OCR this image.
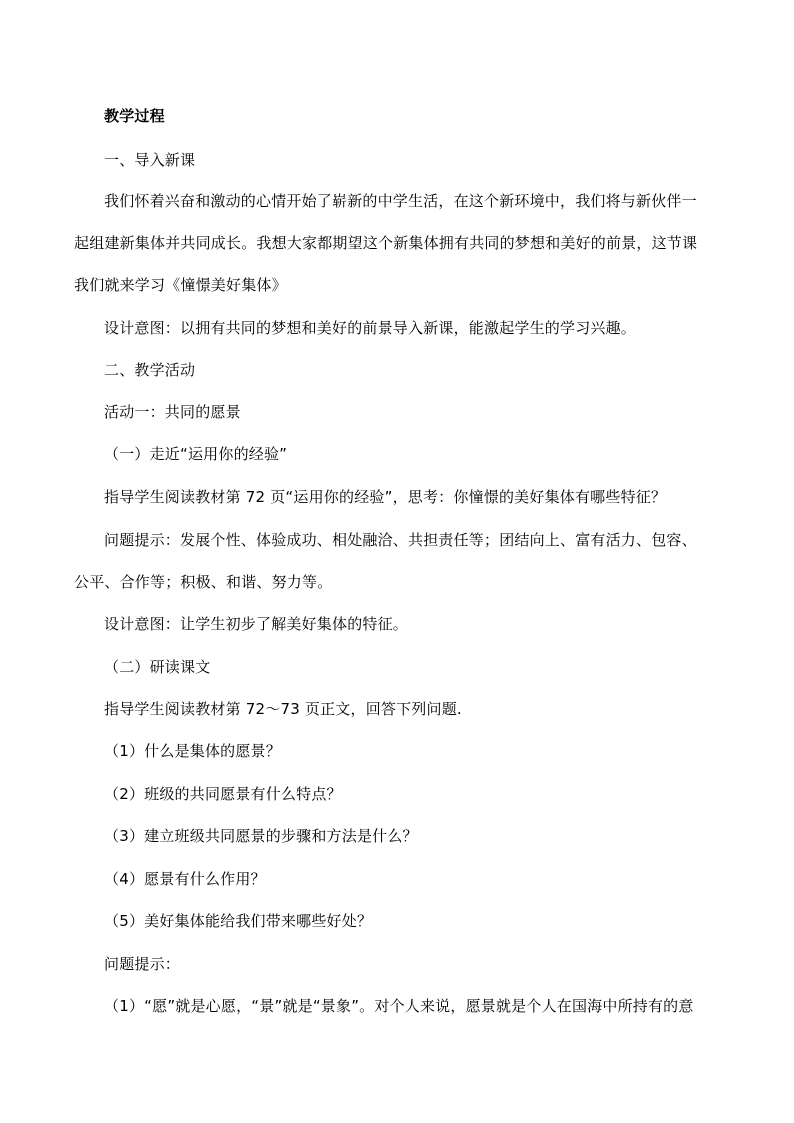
教学过程
一、导入新课
我们怀着兴奋和激动的心情开始了崭新的中学生活，在这个新环境中，我们将与新伙伴一
起组建新集体并共同成长。我想大家都期望这个新集体拥有共同的梦想和美好的前景，这节课
我们就来学习《憧憬美好集体》
设计意图：以拥有共同的梦想和美好的前景导入新课，能激起学生的学习兴趣。
二、教学活动
活动一：共同的愿景
（一）走近“运用你的经验”
指导学生阅读教材第 72 页“运用你的经验”，思考：你憧憬的美好集体有哪些特征？
问题提示：发展个性、体验成功、相处融洽、共担责任等；团结向上、富有活力、包容、
公平、合作等；积极、和谐、努力等。
设计意图：让学生初步了解美好集体的特征。
（二）研读课文
指导学生阅读教材第 72～73 页正文，回答下列问题.
（1）什么是集体的愿景？
（2）班级的共同愿景有什么特点？
（3）建立班级共同愿景的步骤和方法是什么？
（4）愿景有什么作用？
（5）美好集体能给我们带来哪些好处？
问题提示：
（1）“愿”就是心愿，“景”就是“景象”。对个人来说，愿景就是个人在国海中所持有的意
